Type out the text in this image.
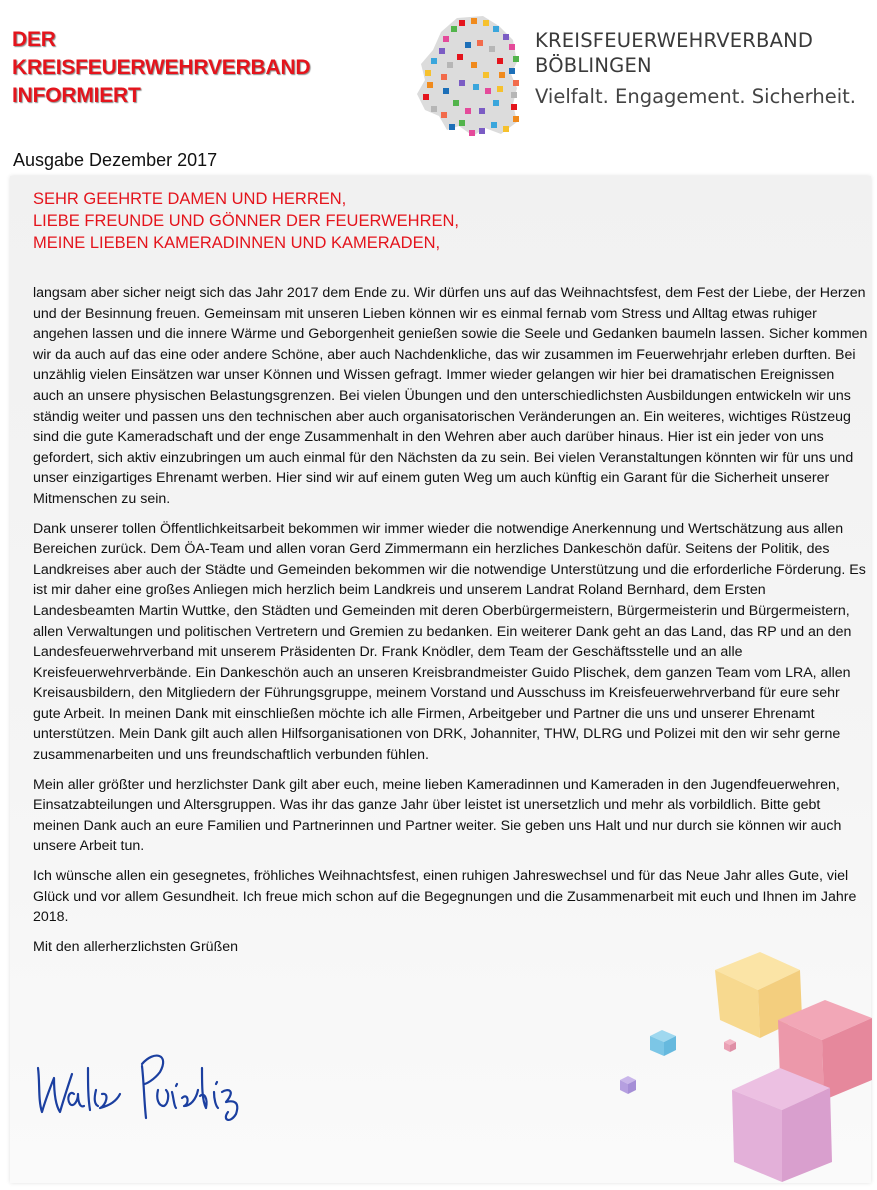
DER
KREISFEUERWEHRVERBAND
INFORMIERT
KREISFEUERWEHRVERBAND
BÖBLINGEN
Vielfalt. Engagement. Sicherheit.
Ausgabe Dezember 2017
SEHR GEEHRTE DAMEN UND HERREN,
LIEBE FREUNDE UND GÖNNER DER FEUERWEHREN,
MEINE LIEBEN KAMERADINNEN UND KAMERADEN,

langsam aber sicher neigt sich das Jahr 2017 dem Ende zu. Wir dürfen uns auf das Weihnachtsfest, dem Fest der Liebe, der Herzen und der Besinnung freuen. Gemeinsam mit unseren Lieben können wir es einmal fernab vom Stress und Alltag etwas ruhiger angehen lassen und die innere Wärme und Geborgenheit genießen sowie die Seele und Gedanken baumeln lassen. Sicher kommen wir da auch auf das eine oder andere Schöne, aber auch Nachdenkliche, das wir zusammen im Feuerwehrjahr erleben durften. Bei unzählig vielen Einsätzen war unser Können und Wissen gefragt. Immer wieder gelangen wir hier bei dramatischen Ereignissen auch an unsere physischen Belastungsgrenzen. Bei vielen Übungen und den unterschiedlichsten Ausbildungen entwickeln wir uns ständig weiter und passen uns den technischen aber auch organisatorischen Veränderungen an. Ein weiteres, wichtiges Rüstzeug sind die gute Kameradschaft und der enge Zusammenhalt in den Wehren aber auch darüber hinaus. Hier ist ein jeder von uns gefordert, sich aktiv einzubringen um auch einmal für den Nächsten da zu sein. Bei vielen Veranstaltungen könnten wir für uns und unser einzigartiges Ehrenamt werben. Hier sind wir auf einem guten Weg um auch künftig ein Garant für die Sicherheit unserer Mitmenschen zu sein.

Dank unserer tollen Öffentlichkeitsarbeit bekommen wir immer wieder die notwendige Anerkennung und Wertschätzung aus allen Bereichen zurück. Dem ÖA-Team und allen voran Gerd Zimmermann ein herzliches Dankeschön dafür. Seitens der Politik, des Landkreises aber auch der Städte und Gemeinden bekommen wir die notwendige Unterstützung und die erforderliche Förderung. Es ist mir daher eine großes Anliegen mich herzlich beim Landkreis und unserem Landrat Roland Bernhard, dem Ersten Landesbeamten Martin Wuttke, den Städten und Gemeinden mit deren Oberbürgermeistern, Bürgermeisterin und Bürgermeistern, allen Verwaltungen und politischen Vertretern und Gremien zu bedanken. Ein weiterer Dank geht an das Land, das RP und an den Landesfeuerwehrverband mit unserem Präsidenten Dr. Frank Knödler, dem Team der Geschäftsstelle und an alle Kreisfeuerwehrverbände. Ein Dankeschön auch an unseren Kreisbrandmeister Guido Plischek, dem ganzen Team vom LRA, allen Kreisausbildern, den Mitgliedern der Führungsgruppe, meinem Vorstand und Ausschuss im Kreisfeuerwehrverband für eure sehr gute Arbeit. In meinen Dank mit einschließen möchte ich alle Firmen, Arbeitgeber und Partner die uns und unserer Ehrenamt unterstützen. Mein Dank gilt auch allen Hilfsorganisationen von DRK, Johanniter, THW, DLRG und Polizei mit den wir sehr gerne zusammenarbeiten und uns freundschaftlich verbunden fühlen.

Mein aller größter und herzlichster Dank gilt aber euch, meine lieben Kameradinnen und Kameraden in den Jugendfeuerwehren, Einsatzabteilungen und Altersgruppen. Was ihr das ganze Jahr über leistet ist unersetzlich und mehr als vorbildlich. Bitte gebt meinen Dank auch an eure Familien und Partnerinnen und Partner weiter. Sie geben uns Halt und nur durch sie können wir auch unsere Arbeit tun.

Ich wünsche allen ein gesegnetes, fröhliches Weihnachtsfest, einen ruhigen Jahreswechsel und für das Neue Jahr alles Gute, viel Glück und vor allem Gesundheit. Ich freue mich schon auf die Begegnungen und die Zusammenarbeit mit euch und Ihnen im Jahre 2018.

Mit den allerherzlichsten Grüßen
